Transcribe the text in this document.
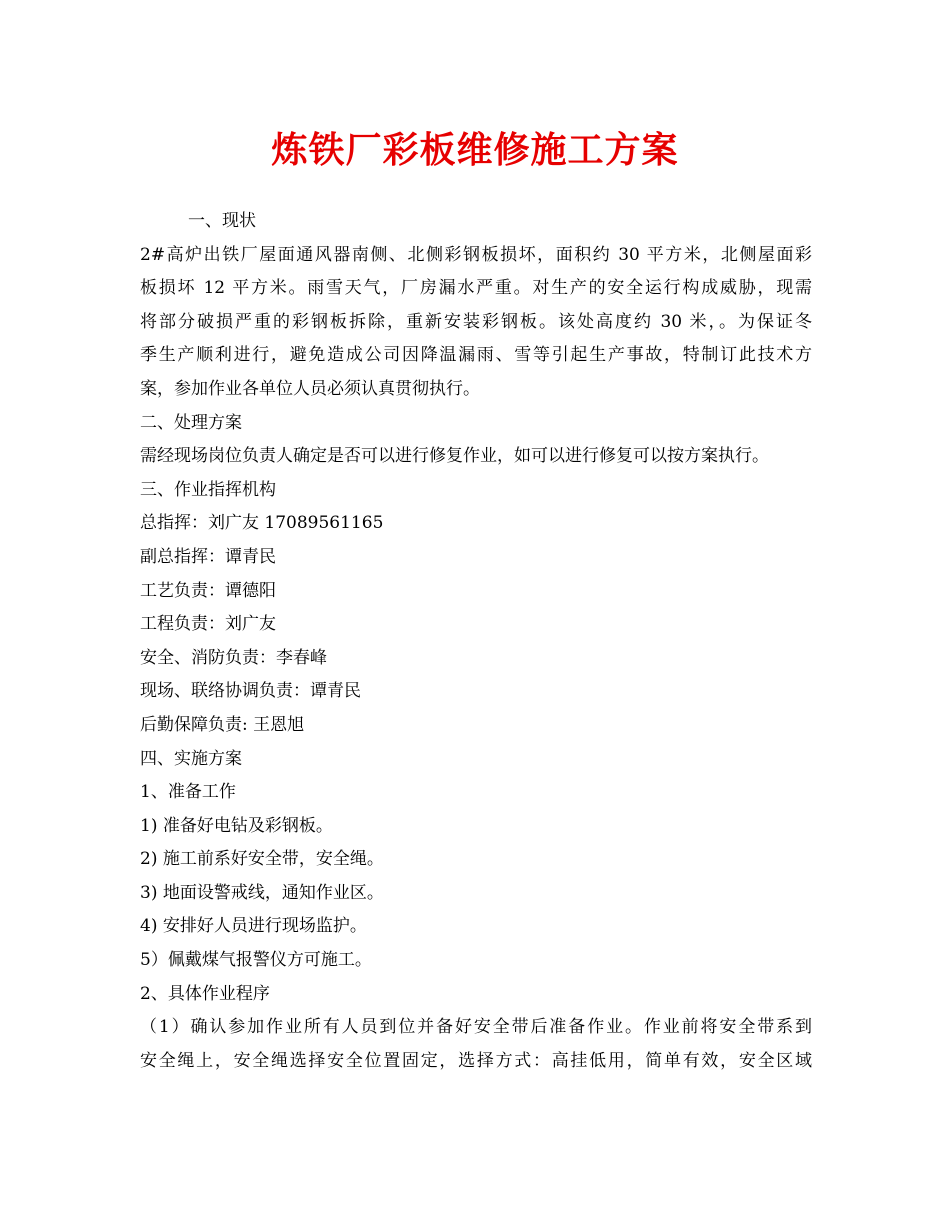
炼铁厂彩板维修施工方案

一、现状

2#高炉出铁厂屋面通风器南侧、北侧彩钢板损坏，面积约 30 平方米，北侧屋面彩

板损坏 12 平方米。雨雪天气，厂房漏水严重。对生产的安全运行构成威胁，现需

将部分破损严重的彩钢板拆除，重新安装彩钢板。该处高度约 30 米，。为保证冬

季生产顺利进行，避免造成公司因降温漏雨、雪等引起生产事故，特制订此技术方

案，参加作业各单位人员必须认真贯彻执行。

二、处理方案

需经现场岗位负责人确定是否可以进行修复作业，如可以进行修复可以按方案执行。

三、作业指挥机构

总指挥：刘广友 17089561165

副总指挥：谭青民

工艺负责：谭德阳

工程负责：刘广友

安全、消防负责：李春峰

现场、联络协调负责：谭青民

后勤保障负责: 王恩旭

四、实施方案

1、准备工作

1) 准备好电钻及彩钢板。

2) 施工前系好安全带，安全绳。

3) 地面设警戒线，通知作业区。

4) 安排好人员进行现场监护。

5）佩戴煤气报警仪方可施工。

2、具体作业程序

（1）确认参加作业所有人员到位并备好安全带后准备作业。作业前将安全带系到

安全绳上，安全绳选择安全位置固定，选择方式：高挂低用，简单有效，安全区域
